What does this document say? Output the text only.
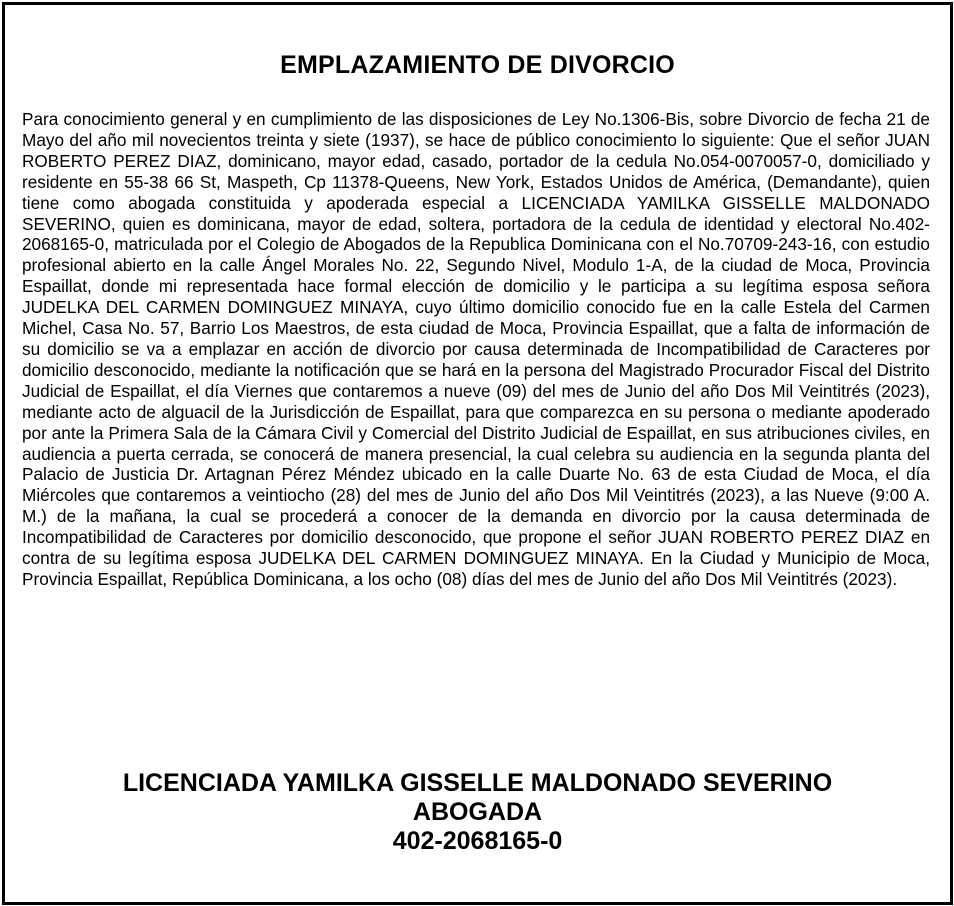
EMPLAZAMIENTO DE DIVORCIO

Para conocimiento general y en cumplimiento de las disposiciones de Ley No.1306-Bis, sobre Divorcio de fecha 21 de Mayo del año mil novecientos treinta y siete (1937), se hace de público conocimiento lo siguiente: Que el señor JUAN ROBERTO PEREZ DIAZ, dominicano, mayor edad, casado, portador de la cedula No.054-0070057-0, domiciliado y residente en 55-38 66 St, Maspeth, Cp 11378-Queens, New York, Estados Unidos de América, (Demandante), quien tiene como abogada constituida y apoderada especial a LICENCIADA YAMILKA GISSELLE MALDONADO SEVERINO, quien es dominicana, mayor de edad, soltera, portadora de la cedula de identidad y electoral No.402-2068165-0, matriculada por el Colegio de Abogados de la Republica Dominicana con el No.70709-243-16, con estudio profesional abierto en la calle Ángel Morales No. 22, Segundo Nivel, Modulo 1-A, de la ciudad de Moca, Provincia Espaillat, donde mi representada hace formal elección de domicilio y le participa a su legítima esposa señora JUDELKA DEL CARMEN DOMINGUEZ MINAYA, cuyo último domicilio conocido fue en la calle Estela del Carmen Michel, Casa No. 57, Barrio Los Maestros, de esta ciudad de Moca, Provincia Espaillat, que a falta de información de su domicilio se va a emplazar en acción de divorcio por causa determinada de Incompatibilidad de Caracteres por domicilio desconocido, mediante la notificación que se hará en la persona del Magistrado Procurador Fiscal del Distrito Judicial de Espaillat, el día Viernes que contaremos a nueve (09) del mes de Junio del año Dos Mil Veintitrés (2023), mediante acto de alguacil de la Jurisdicción de Espaillat, para que comparezca en su persona o mediante apoderado por ante la Primera Sala de la Cámara Civil y Comercial del Distrito Judicial de Espaillat, en sus atribuciones civiles, en audiencia a puerta cerrada, se conocerá de manera presencial, la cual celebra su audiencia en la segunda planta del Palacio de Justicia Dr. Artagnan Pérez Méndez ubicado en la calle Duarte No. 63 de esta Ciudad de Moca, el día Miércoles que contaremos a veintiocho (28) del mes de Junio del año Dos Mil Veintitrés (2023), a las Nueve (9:00 A. M.) de la mañana, la cual se procederá a conocer de la demanda en divorcio por la causa determinada de Incompatibilidad de Caracteres por domicilio desconocido, que propone el señor JUAN ROBERTO PEREZ DIAZ en contra de su legítima esposa JUDELKA DEL CARMEN DOMINGUEZ MINAYA. En la Ciudad y Municipio de Moca, Provincia Espaillat, República Dominicana, a los ocho (08) días del mes de Junio del año Dos Mil Veintitrés (2023).

LICENCIADA YAMILKA GISSELLE MALDONADO SEVERINO
ABOGADA
402-2068165-0
